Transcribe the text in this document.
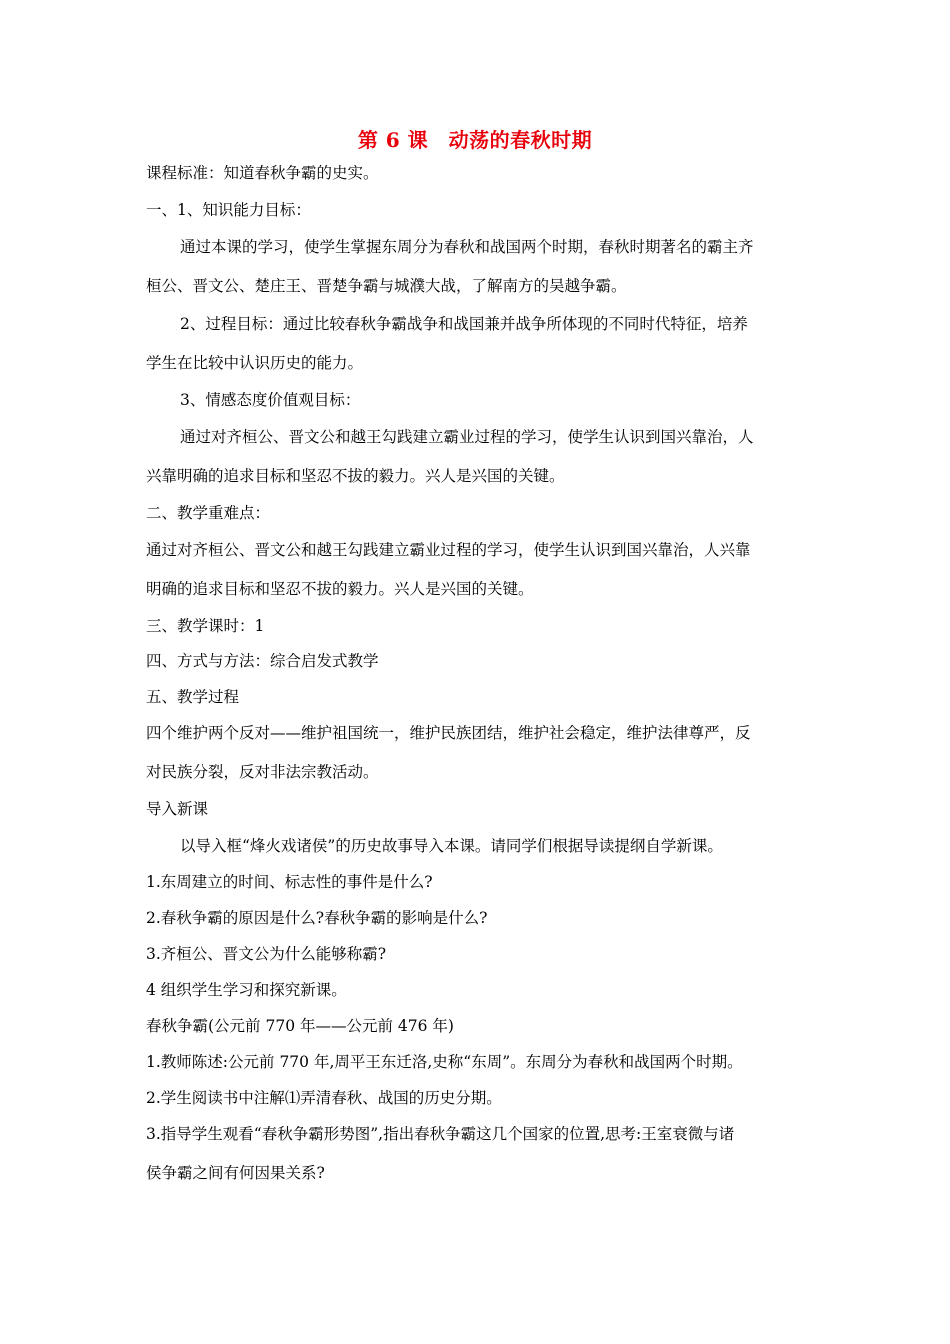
第 6 课　动荡的春秋时期
课程标准：知道春秋争霸的史实。
一、1、知识能力目标：
通过本课的学习，使学生掌握东周分为春秋和战国两个时期，春秋时期著名的霸主齐
桓公、晋文公、楚庄王、晋楚争霸与城濮大战，了解南方的吴越争霸。
2、过程目标：通过比较春秋争霸战争和战国兼并战争所体现的不同时代特征，培养
学生在比较中认识历史的能力。
3、情感态度价值观目标：
通过对齐桓公、晋文公和越王勾践建立霸业过程的学习，使学生认识到国兴靠治，人
兴靠明确的追求目标和坚忍不拔的毅力。兴人是兴国的关键。
二、教学重难点：
通过对齐桓公、晋文公和越王勾践建立霸业过程的学习，使学生认识到国兴靠治，人兴靠
明确的追求目标和坚忍不拔的毅力。兴人是兴国的关键。
三、教学课时：1
四、方式与方法：综合启发式教学
五、教学过程
四个维护两个反对——维护祖国统一，维护民族团结，维护社会稳定，维护法律尊严，反
对民族分裂，反对非法宗教活动。
导入新课
以导入框“烽火戏诸侯”的历史故事导入本课。请同学们根据导读提纲自学新课。
1.东周建立的时间、标志性的事件是什么?
2.春秋争霸的原因是什么?春秋争霸的影响是什么?
3.齐桓公、晋文公为什么能够称霸?
4 组织学生学习和探究新课。
春秋争霸(公元前 770 年——公元前 476 年)
1.教师陈述:公元前 770 年,周平王东迁洛,史称“东周”。东周分为春秋和战国两个时期。
2.学生阅读书中注解⑴弄清春秋、战国的历史分期。
3.指导学生观看“春秋争霸形势图”,指出春秋争霸这几个国家的位置,思考:王室衰微与诸
侯争霸之间有何因果关系?
